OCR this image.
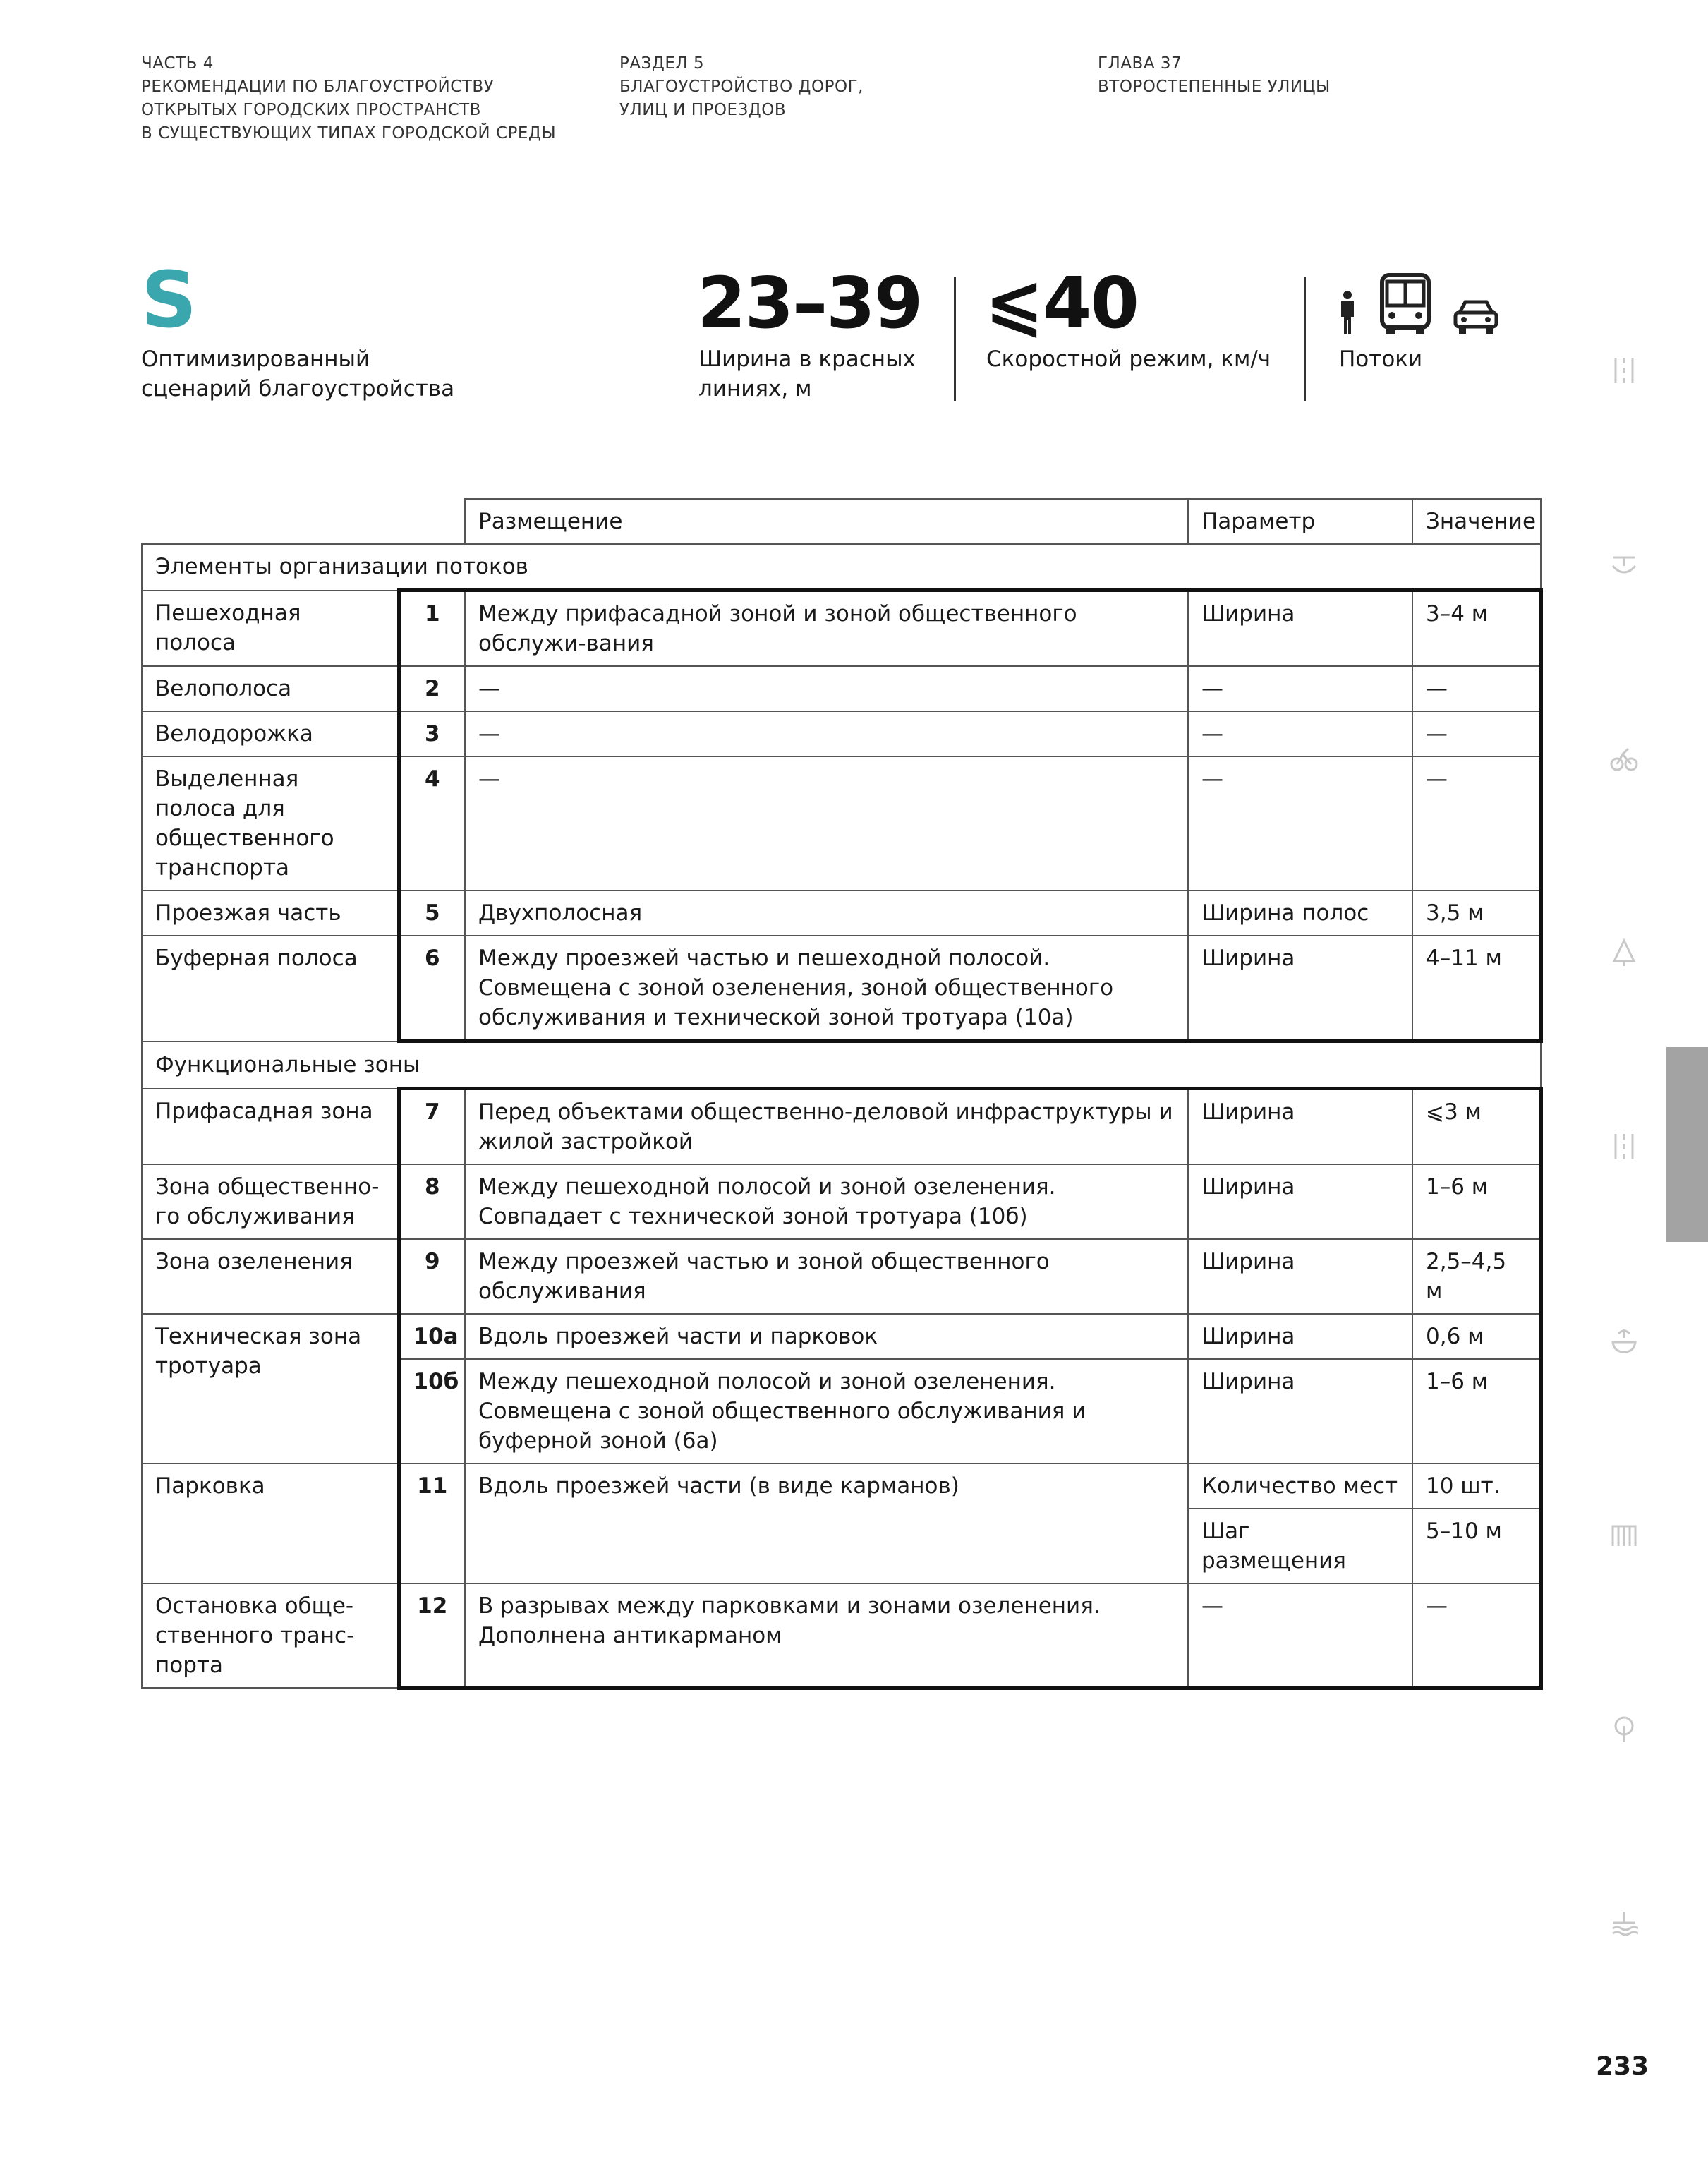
ЧАСТЬ 4
РЕКОМЕНДАЦИИ ПО БЛАГОУСТРОЙСТВУ
ОТКРЫТЫХ ГОРОДСКИХ ПРОСТРАНСТВ
В СУЩЕСТВУЮЩИХ ТИПАХ ГОРОДСКОЙ СРЕДЫ
РАЗДЕЛ 5
БЛАГОУСТРОЙСТВО ДОРОГ,
УЛИЦ И ПРОЕЗДОВ
ГЛАВА 37
ВТОРОСТЕПЕННЫЕ УЛИЦЫ
S
Оптимизированный
сценарий благоустройства
23–39
Ширина в красных
линиях, м
⩽40
Скоростной режим, км/ч	Потоки
		Размещение	Параметр	Значение
Элементы организации потоков				
Пешеходная полоса	1	Между прифасадной зоной и зоной общественного обслужи-вания	Ширина	3–4 м
Велополоса	2	—	—	—
Велодорожка	3	—	—	—
Выделенная полоса для общественного транспорта	4	—	—	—
Проезжая часть	5	Двухполосная	Ширина полос	3,5 м
Буферная полоса	6	Между проезжей частью и пешеходной полосой. Совмещена с зоной озеленения, зоной общественного обслуживания и технической зоной тротуара (10а)	Ширина	4–11 м
Функциональные зоны				
Прифасадная зона	7	Перед объектами общественно-деловой инфраструктуры и жилой застройкой	Ширина	⩽3 м
Зона общественно-го обслуживания	8	Между пешеходной полосой и зоной озеленения. Совпадает с технической зоной тротуара (10б)	Ширина	1–6 м
Зона озеленения	9	Между проезжей частью и зоной общественного обслуживания	Ширина	2,5–4,5 м
Техническая зона тротуара	10а	Вдоль проезжей части и парковок	Ширина	0,6 м
	10б	Между пешеходной полосой и зоной озеленения. Совмещена с зоной общественного обслуживания и буферной зоной (6а)	Ширина	1–6 м
Парковка	11	Вдоль проезжей части (в виде карманов)	Количество мест	10 шт.
			Шаг размещения	5–10 м
Остановка обще-ственного транс-порта	12	В разрывах между парковками и зонами озеленения. Дополнена антикарманом	—	—
233
